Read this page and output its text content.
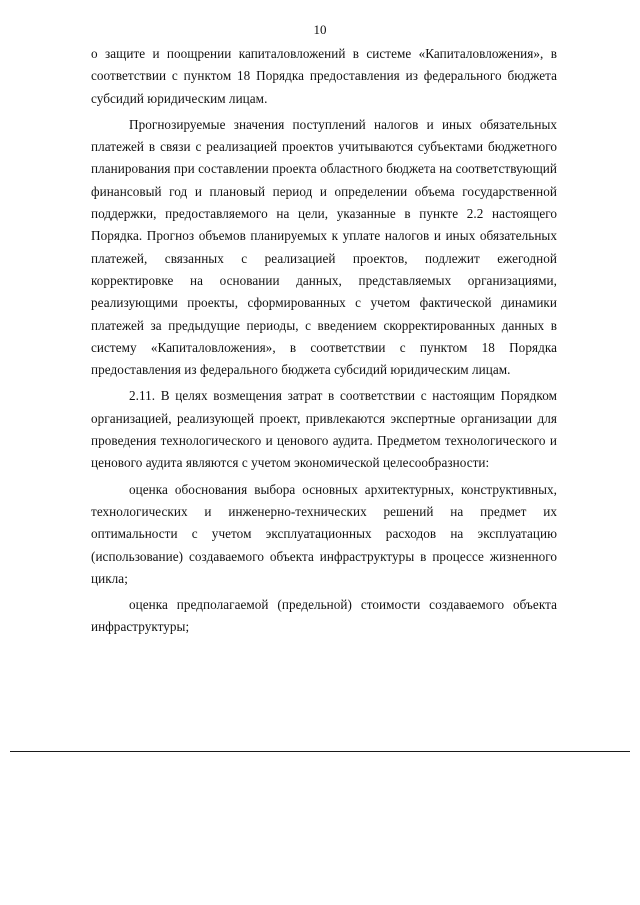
10

о защите и поощрении капиталовложений в системе «Капиталовложения», в соответствии с пунктом 18 Порядка предоставления из федерального бюджета субсидий юридическим лицам.

Прогнозируемые значения поступлений налогов и иных обязательных платежей в связи с реализацией проектов учитываются субъектами бюджетного планирования при составлении проекта областного бюджета на соответствующий финансовый год и плановый период и определении объема государственной поддержки, предоставляемого на цели, указанные в пункте 2.2 настоящего Порядка. Прогноз объемов планируемых к уплате налогов и иных обязательных платежей, связанных с реализацией проектов, подлежит ежегодной корректировке на основании данных, представляемых организациями, реализующими проекты, сформированных с учетом фактической динамики платежей за предыдущие периоды, с введением скорректированных данных в систему «Капиталовложения», в соответствии с пунктом 18 Порядка предоставления из федерального бюджета субсидий юридическим лицам.

2.11. В целях возмещения затрат в соответствии с настоящим Порядком организацией, реализующей проект, привлекаются экспертные организации для проведения технологического и ценового аудита. Предметом технологического и ценового аудита являются с учетом экономической целесообразности:

оценка обоснования выбора основных архитектурных, конструктивных, технологических и инженерно-технических решений на предмет их оптимальности с учетом эксплуатационных расходов на эксплуатацию (использование) создаваемого объекта инфраструктуры в процессе жизненного цикла;

оценка предполагаемой (предельной) стоимости создаваемого объекта инфраструктуры;
